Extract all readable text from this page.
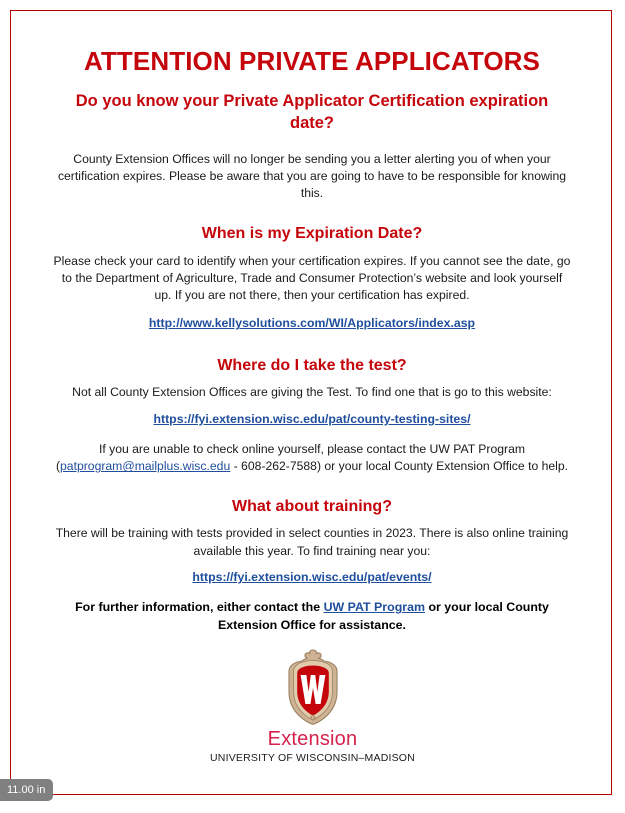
ATTENTION PRIVATE APPLICATORS
Do you know your Private Applicator Certification expiration date?

County Extension Offices will no longer be sending you a letter alerting you of when your certification expires. Please be aware that you are going to have to be responsible for knowing this.

When is my Expiration Date?

Please check your card to identify when your certification expires. If you cannot see the date, go to the Department of Agriculture, Trade and Consumer Protection’s website and look yourself up. If you are not there, then your certification has expired.

http://www.kellysolutions.com/WI/Applicators/index.asp
Where do I take the test?

Not all County Extension Offices are giving the Test. To find one that is go to this website:

https://fyi.extension.wisc.edu/pat/county-testing-sites/

If you are unable to check online yourself, please contact the UW PAT Program (patprogram@mailplus.wisc.edu - 608-262-7588) or your local County Extension Office to help.

What about training?

There will be training with tests provided in select counties in 2023. There is also online training available this year. To find training near you:

https://fyi.extension.wisc.edu/pat/events/

For further information, either contact the UW PAT Program or your local County Extension Office for assistance.

Extension
UNIVERSITY OF WISCONSIN–MADISON
11.00 in
